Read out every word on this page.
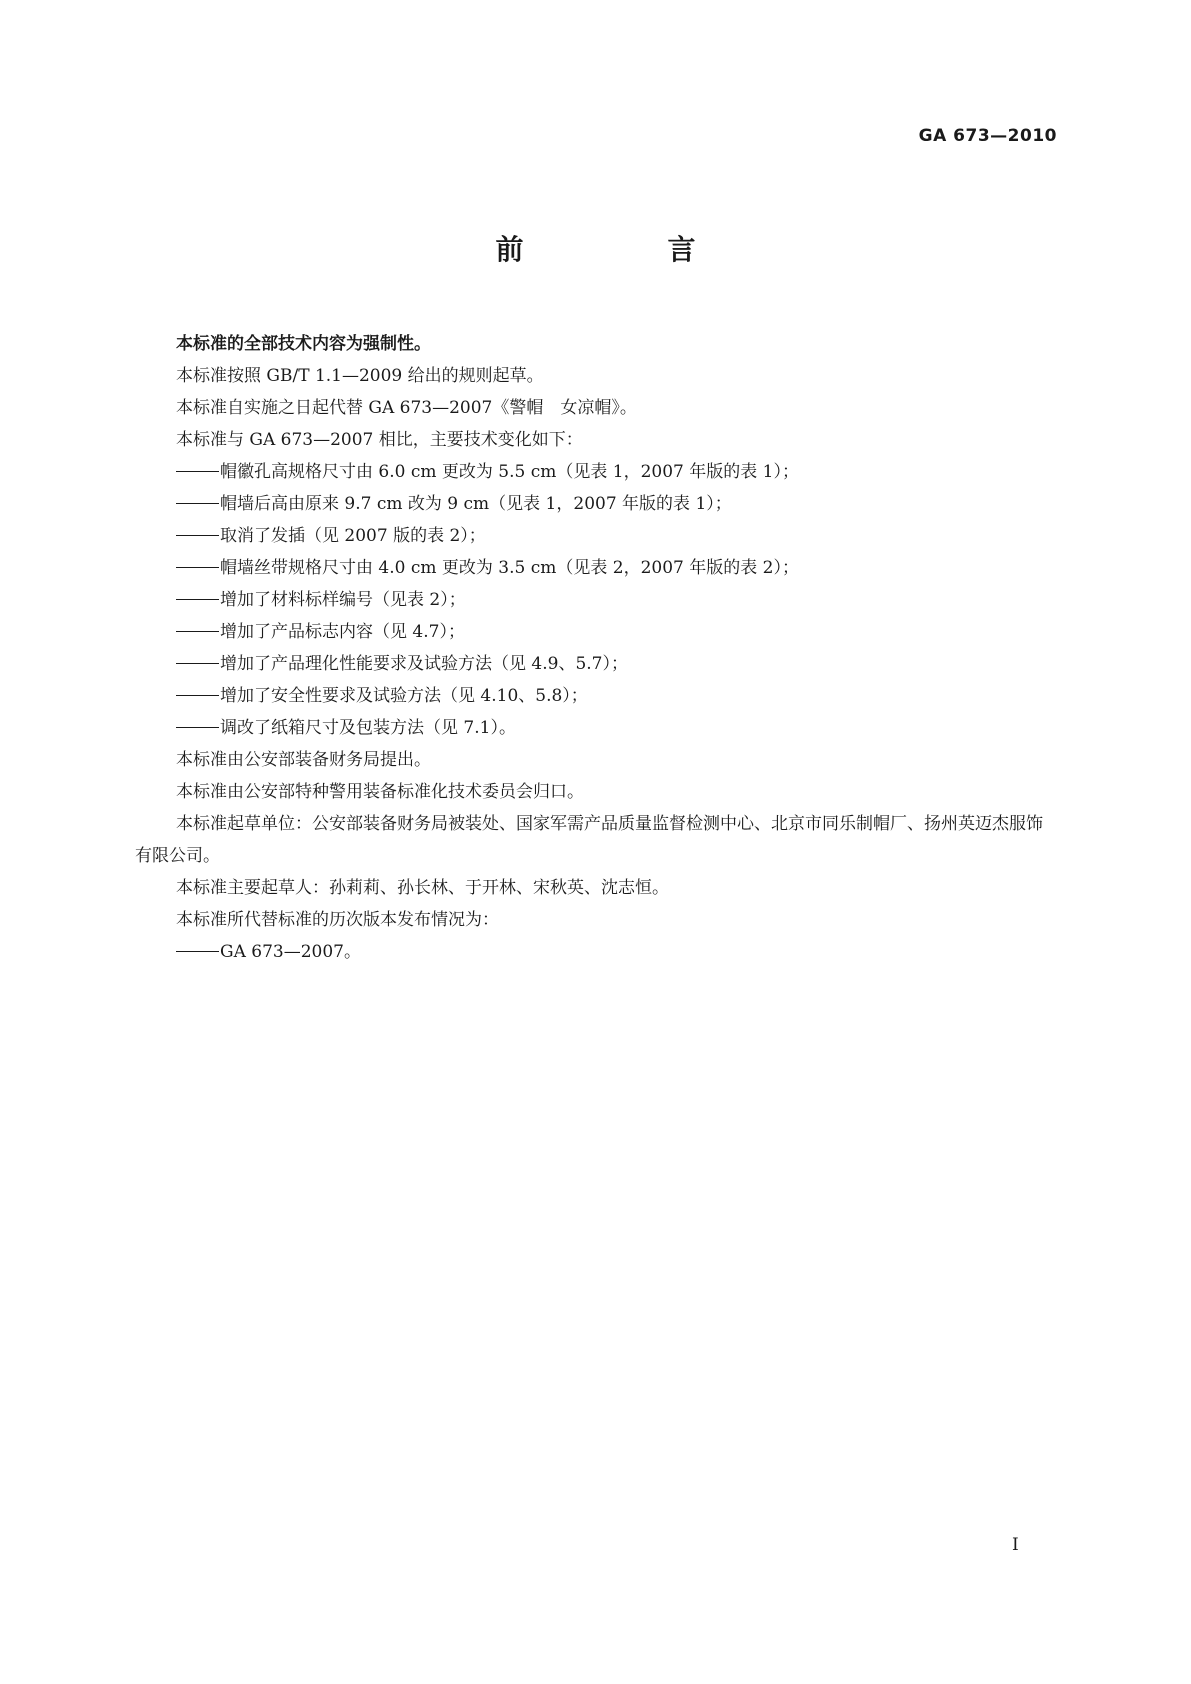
GA 673—2010
前　言

本标准的全部技术内容为强制性。

本标准按照 GB/T 1.1—2009 给出的规则起草。

本标准自实施之日起代替 GA 673—2007《警帽　女凉帽》。

本标准与 GA 673—2007 相比，主要技术变化如下：

帽徽孔高规格尺寸由 6.0 cm 更改为 5.5 cm（见表 1，2007 年版的表 1）；

帽墙后高由原来 9.7 cm 改为 9 cm（见表 1，2007 年版的表 1）；

取消了发插（见 2007 版的表 2）；

帽墙丝带规格尺寸由 4.0 cm 更改为 3.5 cm（见表 2，2007 年版的表 2）；

增加了材料标样编号（见表 2）；

增加了产品标志内容（见 4.7）；

增加了产品理化性能要求及试验方法（见 4.9、5.7）；

增加了安全性要求及试验方法（见 4.10、5.8）；

调改了纸箱尺寸及包装方法（见 7.1）。

本标准由公安部装备财务局提出。

本标准由公安部特种警用装备标准化技术委员会归口。

本标准起草单位：公安部装备财务局被装处、国家军需产品质量监督检测中心、北京市同乐制帽厂、扬州英迈杰服饰有限公司。

本标准主要起草人：孙莉莉、孙长林、于开林、宋秋英、沈志恒。

本标准所代替标准的历次版本发布情况为：

GA 673—2007。

I
